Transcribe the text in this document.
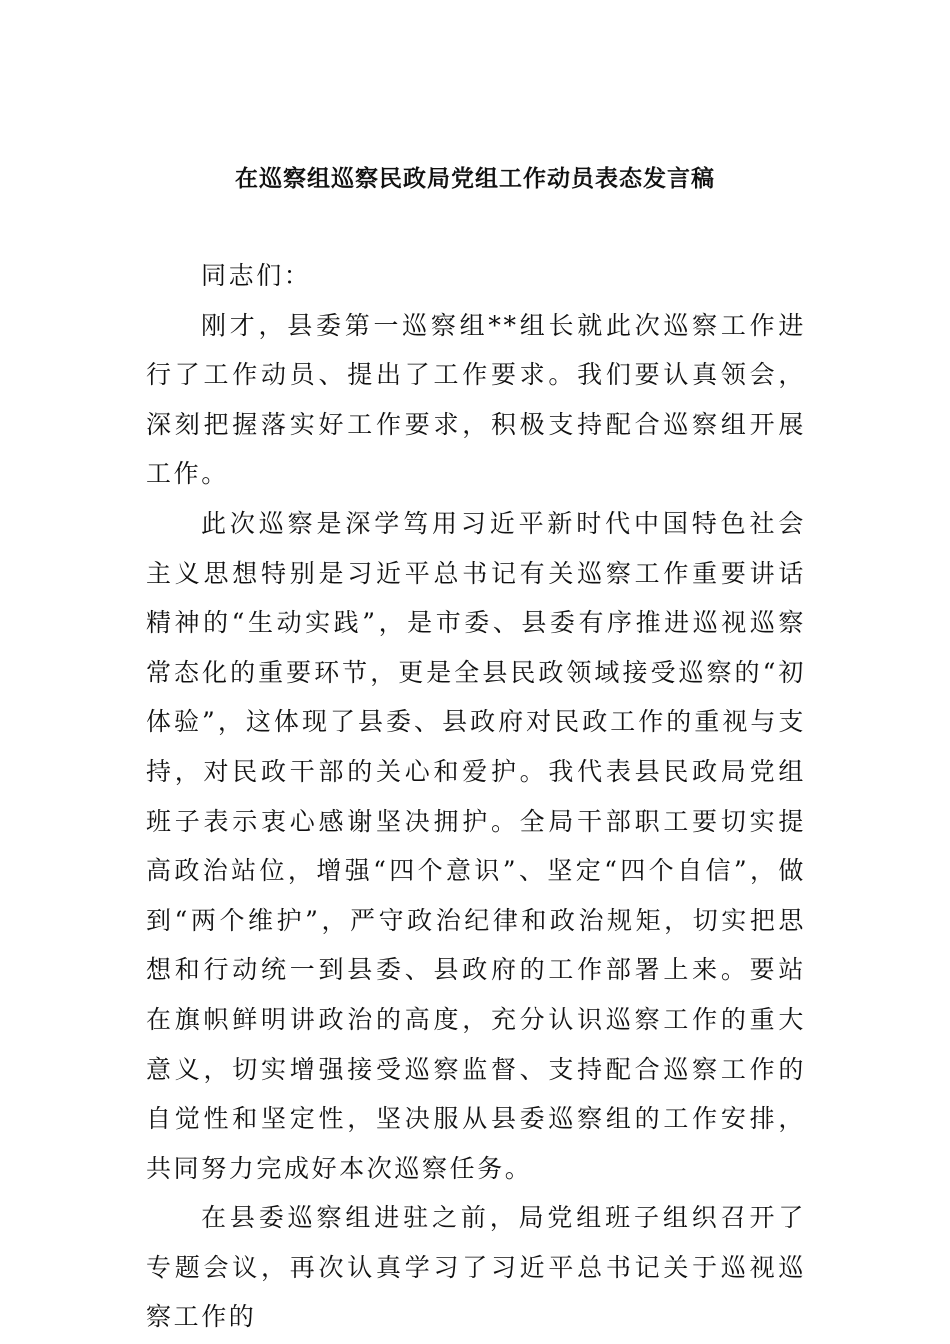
在巡察组巡察民政局党组工作动员表态发言稿

同志们：

刚才，县委第一巡察组**组长就此次巡察工作进行了工作动员、提出了工作要求。我们要认真领会，深刻把握落实好工作要求，积极支持配合巡察组开展工作。

此次巡察是深学笃用习近平新时代中国特色社会主义思想特别是习近平总书记有关巡察工作重要讲话精神的“生动实践”，是市委、县委有序推进巡视巡察常态化的重要环节，更是全县民政领域接受巡察的“初体验”，这体现了县委、县政府对民政工作的重视与支持，对民政干部的关心和爱护。我代表县民政局党组班子表示衷心感谢坚决拥护。全局干部职工要切实提高政治站位，增强“四个意识”、坚定“四个自信”，做到“两个维护”，严守政治纪律和政治规矩，切实把思想和行动统一到县委、县政府的工作部署上来。要站在旗帜鲜明讲政治的高度，充分认识巡察工作的重大意义，切实增强接受巡察监督、支持配合巡察工作的自觉性和坚定性，坚决服从县委巡察组的工作安排，共同努力完成好本次巡察任务。

在县委巡察组进驻之前，局党组班子组织召开了专题会议，再次认真学习了习近平总书记关于巡视巡察工作的
